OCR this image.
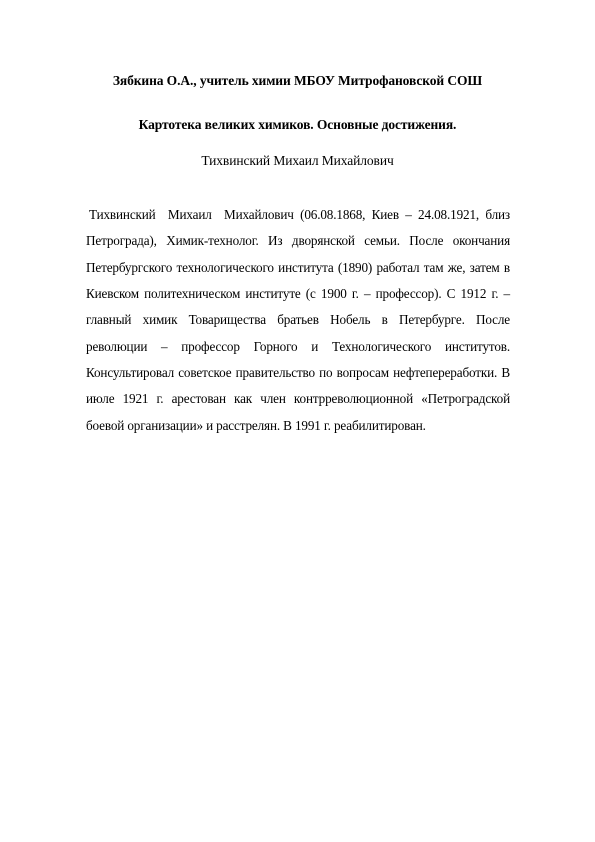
Зябкина О.А., учитель химии МБОУ Митрофановской СОШ
Картотека великих химиков. Основные достижения.
Тихвинский Михаил Михайлович

Тихвинский Михаил Михайлович (06.08.1868, Киев – 24.08.1921, близ Петрограда), Химик-технолог. Из дворянской семьи. После окончания Петербургского технологического института (1890) работал там же, затем в Киевском политехническом институте (с 1900 г. – профессор). С 1912 г. – главный химик Товарищества братьев Нобель в Петербурге. После революции – профессор Горного и Технологического институтов. Консультировал советское правительство по вопросам нефтепереработки. В июле 1921 г. арестован как член контрреволюционной «Петроградской боевой организации» и расстрелян. В 1991 г. реабилитирован.
